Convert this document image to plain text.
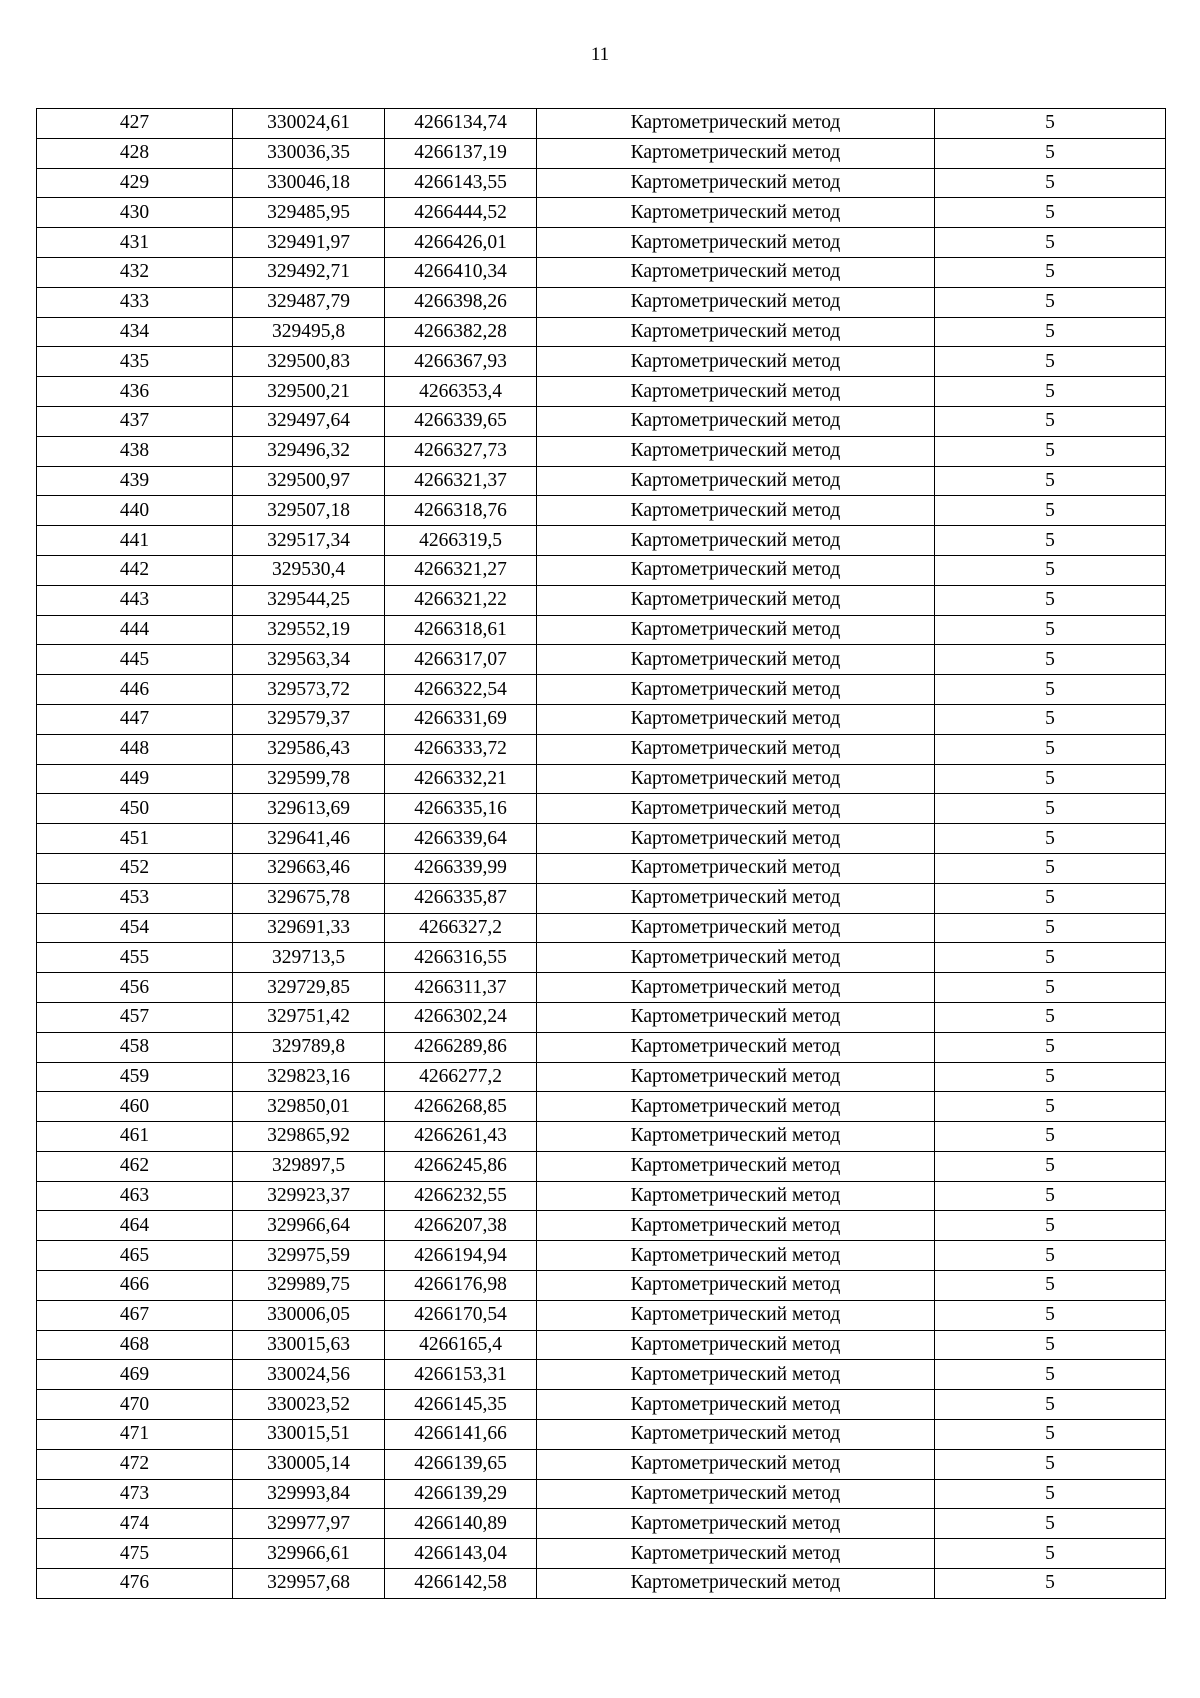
11
427	330024,61	4266134,74	Картометрический метод	5
428	330036,35	4266137,19	Картометрический метод	5
429	330046,18	4266143,55	Картометрический метод	5
430	329485,95	4266444,52	Картометрический метод	5
431	329491,97	4266426,01	Картометрический метод	5
432	329492,71	4266410,34	Картометрический метод	5
433	329487,79	4266398,26	Картометрический метод	5
434	329495,8	4266382,28	Картометрический метод	5
435	329500,83	4266367,93	Картометрический метод	5
436	329500,21	4266353,4	Картометрический метод	5
437	329497,64	4266339,65	Картометрический метод	5
438	329496,32	4266327,73	Картометрический метод	5
439	329500,97	4266321,37	Картометрический метод	5
440	329507,18	4266318,76	Картометрический метод	5
441	329517,34	4266319,5	Картометрический метод	5
442	329530,4	4266321,27	Картометрический метод	5
443	329544,25	4266321,22	Картометрический метод	5
444	329552,19	4266318,61	Картометрический метод	5
445	329563,34	4266317,07	Картометрический метод	5
446	329573,72	4266322,54	Картометрический метод	5
447	329579,37	4266331,69	Картометрический метод	5
448	329586,43	4266333,72	Картометрический метод	5
449	329599,78	4266332,21	Картометрический метод	5
450	329613,69	4266335,16	Картометрический метод	5
451	329641,46	4266339,64	Картометрический метод	5
452	329663,46	4266339,99	Картометрический метод	5
453	329675,78	4266335,87	Картометрический метод	5
454	329691,33	4266327,2	Картометрический метод	5
455	329713,5	4266316,55	Картометрический метод	5
456	329729,85	4266311,37	Картометрический метод	5
457	329751,42	4266302,24	Картометрический метод	5
458	329789,8	4266289,86	Картометрический метод	5
459	329823,16	4266277,2	Картометрический метод	5
460	329850,01	4266268,85	Картометрический метод	5
461	329865,92	4266261,43	Картометрический метод	5
462	329897,5	4266245,86	Картометрический метод	5
463	329923,37	4266232,55	Картометрический метод	5
464	329966,64	4266207,38	Картометрический метод	5
465	329975,59	4266194,94	Картометрический метод	5
466	329989,75	4266176,98	Картометрический метод	5
467	330006,05	4266170,54	Картометрический метод	5
468	330015,63	4266165,4	Картометрический метод	5
469	330024,56	4266153,31	Картометрический метод	5
470	330023,52	4266145,35	Картометрический метод	5
471	330015,51	4266141,66	Картометрический метод	5
472	330005,14	4266139,65	Картометрический метод	5
473	329993,84	4266139,29	Картометрический метод	5
474	329977,97	4266140,89	Картометрический метод	5
475	329966,61	4266143,04	Картометрический метод	5
476	329957,68	4266142,58	Картометрический метод	5
